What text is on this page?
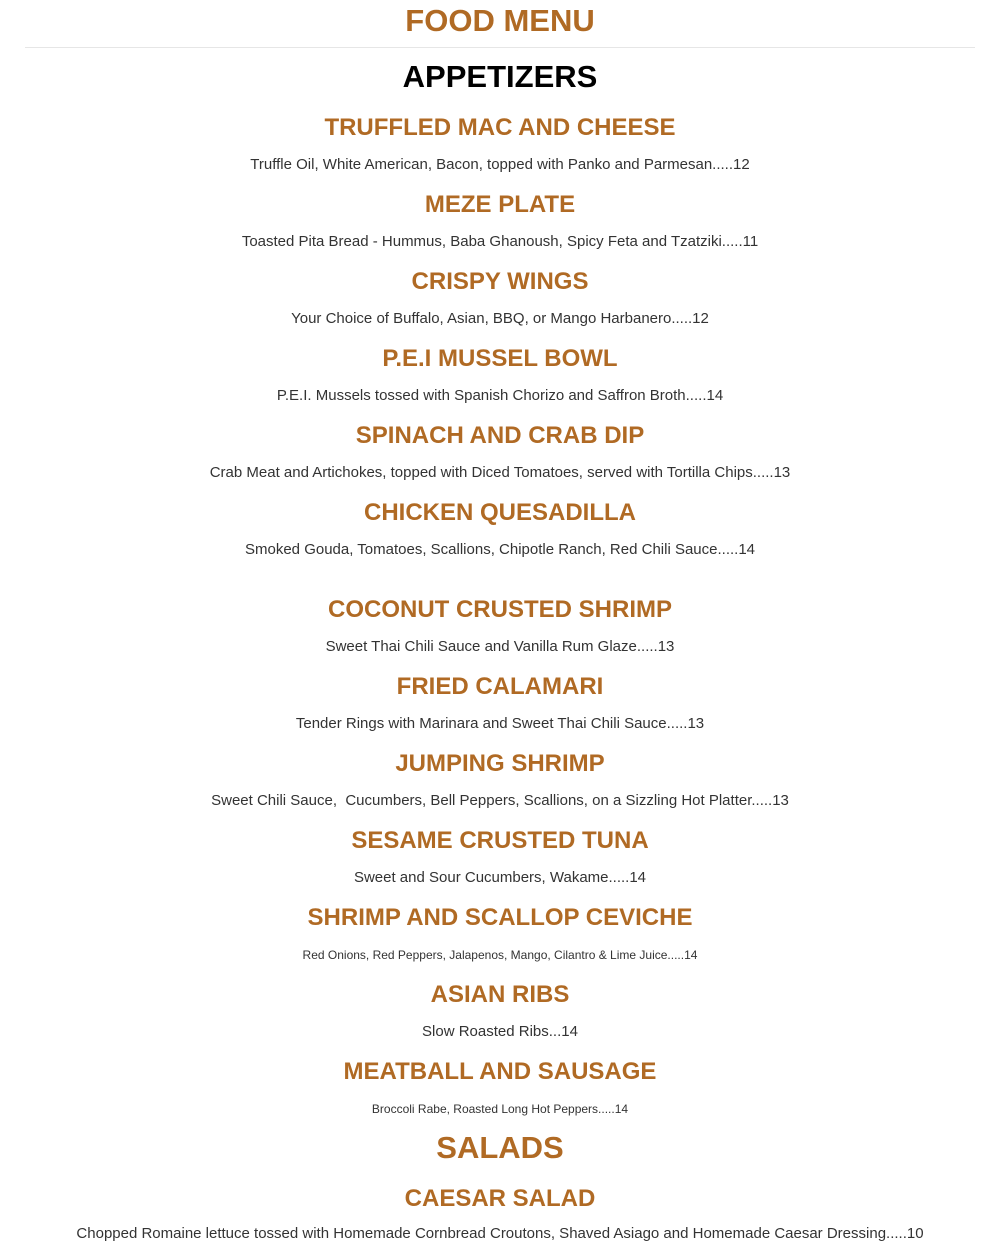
FOOD MENU
APPETIZERS
TRUFFLED MAC AND CHEESE

Truffle Oil, White American, Bacon, topped with Panko and Parmesan.....12

MEZE PLATE

Toasted Pita Bread - Hummus, Baba Ghanoush, Spicy Feta and Tzatziki.....11

CRISPY WINGS

Your Choice of Buffalo, Asian, BBQ, or Mango Harbanero.....12

P.E.I MUSSEL BOWL

P.E.I. Mussels tossed with Spanish Chorizo and Saffron Broth.....14

SPINACH AND CRAB DIP

Crab Meat and Artichokes, topped with Diced Tomatoes, served with Tortilla Chips.....13

CHICKEN QUESADILLA

Smoked Gouda, Tomatoes, Scallions, Chipotle Ranch, Red Chili Sauce.....14

COCONUT CRUSTED SHRIMP

Sweet Thai Chili Sauce and Vanilla Rum Glaze.....13

FRIED CALAMARI

Tender Rings with Marinara and Sweet Thai Chili Sauce.....13

JUMPING SHRIMP

Sweet Chili Sauce,  Cucumbers, Bell Peppers, Scallions, on a Sizzling Hot Platter.....13

SESAME CRUSTED TUNA

Sweet and Sour Cucumbers, Wakame.....14

SHRIMP AND SCALLOP CEVICHE

Red Onions, Red Peppers, Jalapenos, Mango, Cilantro & Lime Juice.....14

ASIAN RIBS

Slow Roasted Ribs...14

MEATBALL AND SAUSAGE

Broccoli Rabe, Roasted Long Hot Peppers.....14

SALADS
CAESAR SALAD

Chopped Romaine lettuce tossed with Homemade Cornbread Croutons, Shaved Asiago and Homemade Caesar Dressing.....10
